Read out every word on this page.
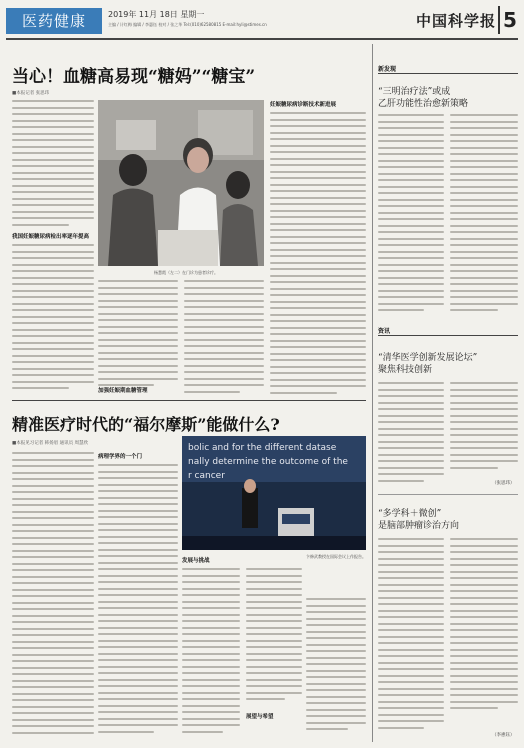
医药健康	2019年 11月 18日 星期一
主编 / 计红梅 编辑 / 李惠钰 校对 / 张之华 Tel:(010)62580815 E-mail:hyli@stimes.cn	中国科学报 5
当心！血糖高易现“糖妈”“糖宝”
■本报记者 张思玮
我国妊娠糖尿病检出率逐年提高
杨慧霞（左二）在门诊为患者诊疗。
妊娠糖尿病诊断技术新进展
加强妊娠期血糖管理
精准医疗时代的“福尔摩斯”能做什么?
■本报见习记者 韩扬眉 通讯员 周慧欣
病理学界的一个门
bolic and for the different datase
nally determine the outcome of the
r cancer
卞修武教授在国际会议上作报告。
发展与挑战
展望与希望
新发现
“三明治疗法”或成
乙肝功能性治愈新策略
资讯
“清华医学创新发展论坛”
聚焦科技创新
（张思玮）
“多学科＋微创”
是脑部肿瘤诊治方向
（李惠钰）
